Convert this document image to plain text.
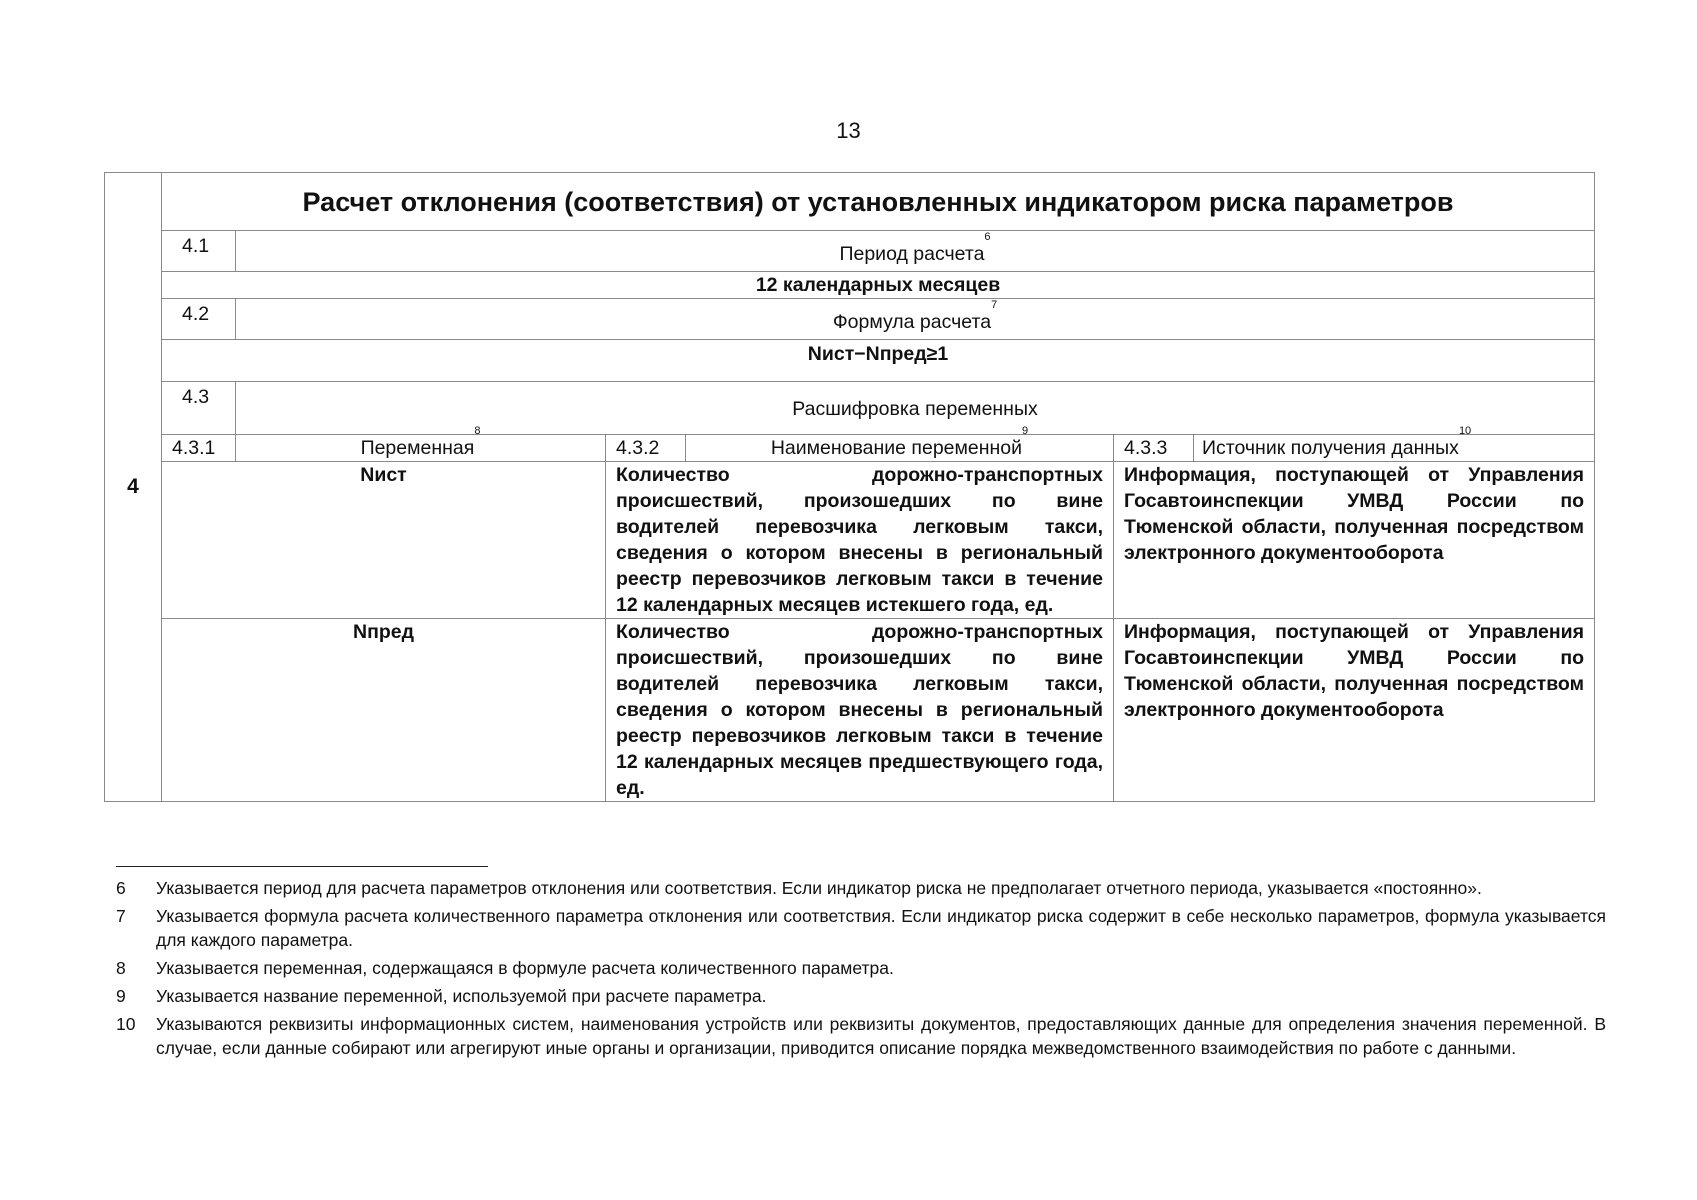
13
4	Расчет отклонения (соответствия) от установленных индикатором риска параметров					
	4.1	Период расчета$^6$
	12 календарных месяцев					
	4.2	Формула расчета$^7$
	Nист−Nпред≥1					
	4.3	Расшифровка переменных				
	4.3.1	Переменная$^8$	4.3.2	Наименование переменной$^9$	4.3.3	Источник получения данных$^{10}$
	Nист		Количество дорожно-транспортных происшествий, произошедших по вине водителей перевозчика легковым такси, сведения о котором внесены в региональный реестр перевозчиков легковым такси в течение 12 календарных месяцев истекшего года, ед.		Информация, поступающей от Управления Госавтоинспекции УМВД России по Тюменской области, полученная посредством электронного документооборота	
	Nпред		Количество дорожно-транспортных происшествий, произошедших по вине водителей перевозчика легковым такси, сведения о котором внесены в региональный реестр перевозчиков легковым такси в течение 12 календарных месяцев предшествующего года, ед.		Информация, поступающей от Управления Госавтоинспекции УМВД России по Тюменской области, полученная посредством электронного документооборота	
6	Указывается период для расчета параметров отклонения или соответствия. Если индикатор риска не предполагает отчетного периода, указывается «постоянно».
7	Указывается формула расчета количественного параметра отклонения или соответствия. Если индикатор риска содержит в себе несколько параметров, формула указывается для каждого параметра.
8	Указывается переменная, содержащаяся в формуле расчета количественного параметра.
9	Указывается название переменной, используемой при расчете параметра.
10	Указываются реквизиты информационных систем, наименования устройств или реквизиты документов, предоставляющих данные для определения значения переменной. В случае, если данные собирают или агрегируют иные органы и организации, приводится описание порядка межведомственного взаимодействия по работе с данными.
